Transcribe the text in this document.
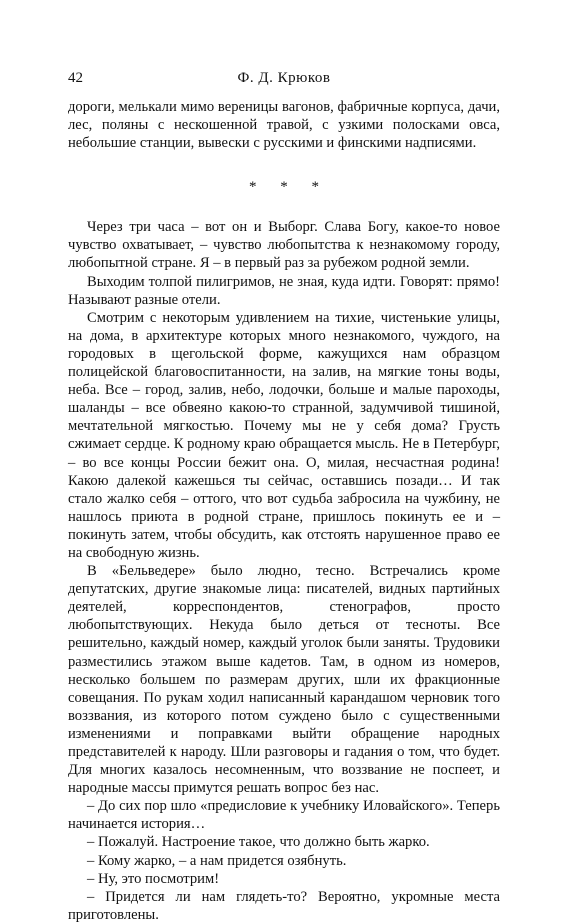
42	Ф. Д. Крюков

дороги, мелькали мимо вереницы вагонов, фабричные корпуса, дачи, лес, поляны с нескошенной травой, с узкими полосками овса, небольшие станции, вывески с русскими и финскими надписями.

* * *

Через три часа – вот он и Выборг. Слава Богу, какое-то новое чувство охватывает, – чувство любопытства к незнакомому городу, любопытной стране. Я – в первый раз за рубежом родной земли.

Выходим толпой пилигримов, не зная, куда идти. Говорят: прямо! Называют разные отели.

Смотрим с некоторым удивлением на тихие, чистенькие улицы, на дома, в архитектуре которых много незнакомого, чуждого, на городовых в щегольской форме, кажущихся нам образцом полицейской благовоспитанности, на залив, на мягкие тоны воды, неба. Все – город, залив, небо, лодочки, больше и малые пароходы, шаланды – все обвеяно какою-то странной, задумчивой тишиной, мечтательной мягкостью. Почему мы не у себя дома? Грусть сжимает сердце. К родному краю обращается мысль. Не в Петербург, – во все концы России бежит она. О, милая, несчастная родина! Какою далекой кажешься ты сейчас, оставшись позади… И так стало жалко себя – оттого, что вот судьба забросила на чужбину, не нашлось приюта в родной стране, пришлось покинуть ее и – покинуть затем, чтобы обсудить, как отстоять нарушенное право ее на свободную жизнь.

В «Бельведере» было людно, тесно. Встречались кроме депутатских, другие знакомые лица: писателей, видных партийных деятелей, корреспондентов, стенографов, просто любопытствующих. Некуда было деться от тесноты. Все решительно, каждый номер, каждый уголок были заняты. Трудовики разместились этажом выше кадетов. Там, в одном из номеров, несколько большем по размерам других, шли их фракционные совещания. По рукам ходил написанный карандашом черновик того воззвания, из которого потом суждено было с существенными изменениями и поправками выйти обращение народных представителей к народу. Шли разговоры и гадания о том, что будет. Для многих казалось несомненным, что воззвание не поспеет, и народные массы примутся решать вопрос без нас.

– До сих пор шло «предисловие к учебнику Иловайского». Теперь начинается история…

– Пожалуй. Настроение такое, что должно быть жарко.

– Кому жарко, – а нам придется озябнуть.

– Ну, это посмотрим!

– Придется ли нам глядеть-то? Вероятно, укромные места приготовлены.
